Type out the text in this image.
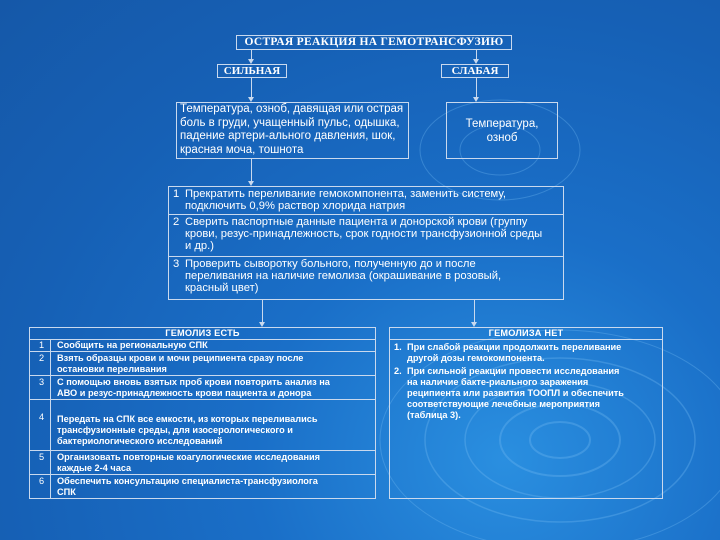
ОСТРАЯ РЕАКЦИЯ НА ГЕМОТРАНСФУЗИЮ
СИЛЬНАЯ	СЛАБАЯ
Температура, озноб, давящая или острая
боль в груди, учащенный пульс, одышка,
падение артери-ального давления, шок,
красная моча, тошнота
Температура,
озноб
1 Прекратить переливание гемокомпонента, заменить систему,
подключить 0,9% раствор хлорида натрия
2 Сверить паспортные данные пациента и донорской крови (группу
крови, резус-принадлежность, срок годности трансфузионной среды
и др.)
3 Проверить сыворотку больного, полученную до и после
переливания на наличие гемолиза (окрашивание в розовый,
красный цвет)
ГЕМОЛИЗ ЕСТЬ
1 Сообщить на региональную СПК
2 Взять образцы крови и мочи реципиента сразу после
остановки переливания
3 С помощью вновь взятых проб крови повторить анализ на
АВО и резус-принадлежность крови пациента и донора
4 Передать на СПК все емкости, из которых переливались
трансфузионные среды, для изосерологического и
бактериологического исследований
5 Организовать повторные коагулогические исследования
каждые 2-4 часа
6 Обеспечить консультацию специалиста-трансфузиолога
СПК
ГЕМОЛИЗА НЕТ
1. При слабой реакции продолжить переливание
другой дозы гемокомпонента.
2. При сильной реакции провести исследования
на наличие бакте-риального заражения
реципиента или развития ТООПЛ и обеспечить
соответствующие лечебные мероприятия
(таблица 3).
